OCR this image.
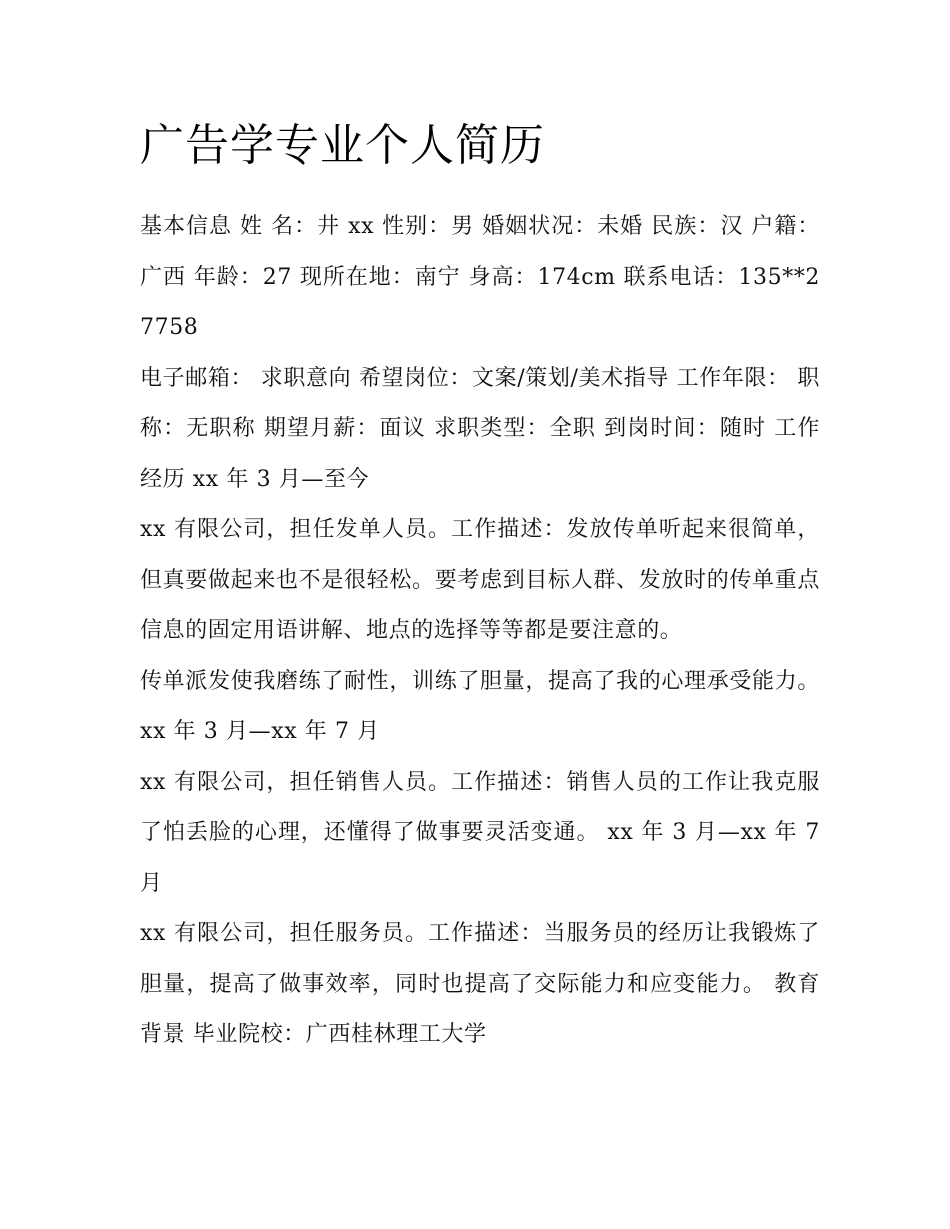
广告学专业个人简历

基本信息 姓 名：井 xx 性别：男 婚姻状况：未婚 民族：汉 户籍：广西 年龄：27 现所在地：南宁 身高：174cm 联系电话：135**27758

电子邮箱： 求职意向 希望岗位：文案/策划/美术指导 工作年限： 职称：无职称 期望月薪：面议 求职类型：全职 到岗时间：随时 工作经历 xx 年 3 月—至今

xx 有限公司，担任发单人员。工作描述：发放传单听起来很简单，但真要做起来也不是很轻松。要考虑到目标人群、发放时的传单重点信息的固定用语讲解、地点的选择等等都是要注意的。

传单派发使我磨练了耐性，训练了胆量，提高了我的心理承受能力。 xx 年 3 月—xx 年 7 月

xx 有限公司，担任销售人员。工作描述：销售人员的工作让我克服了怕丢脸的心理，还懂得了做事要灵活变通。 xx 年 3 月—xx 年 7 月

xx 有限公司，担任服务员。工作描述：当服务员的经历让我锻炼了胆量，提高了做事效率，同时也提高了交际能力和应变能力。 教育背景 毕业院校：广西桂林理工大学
